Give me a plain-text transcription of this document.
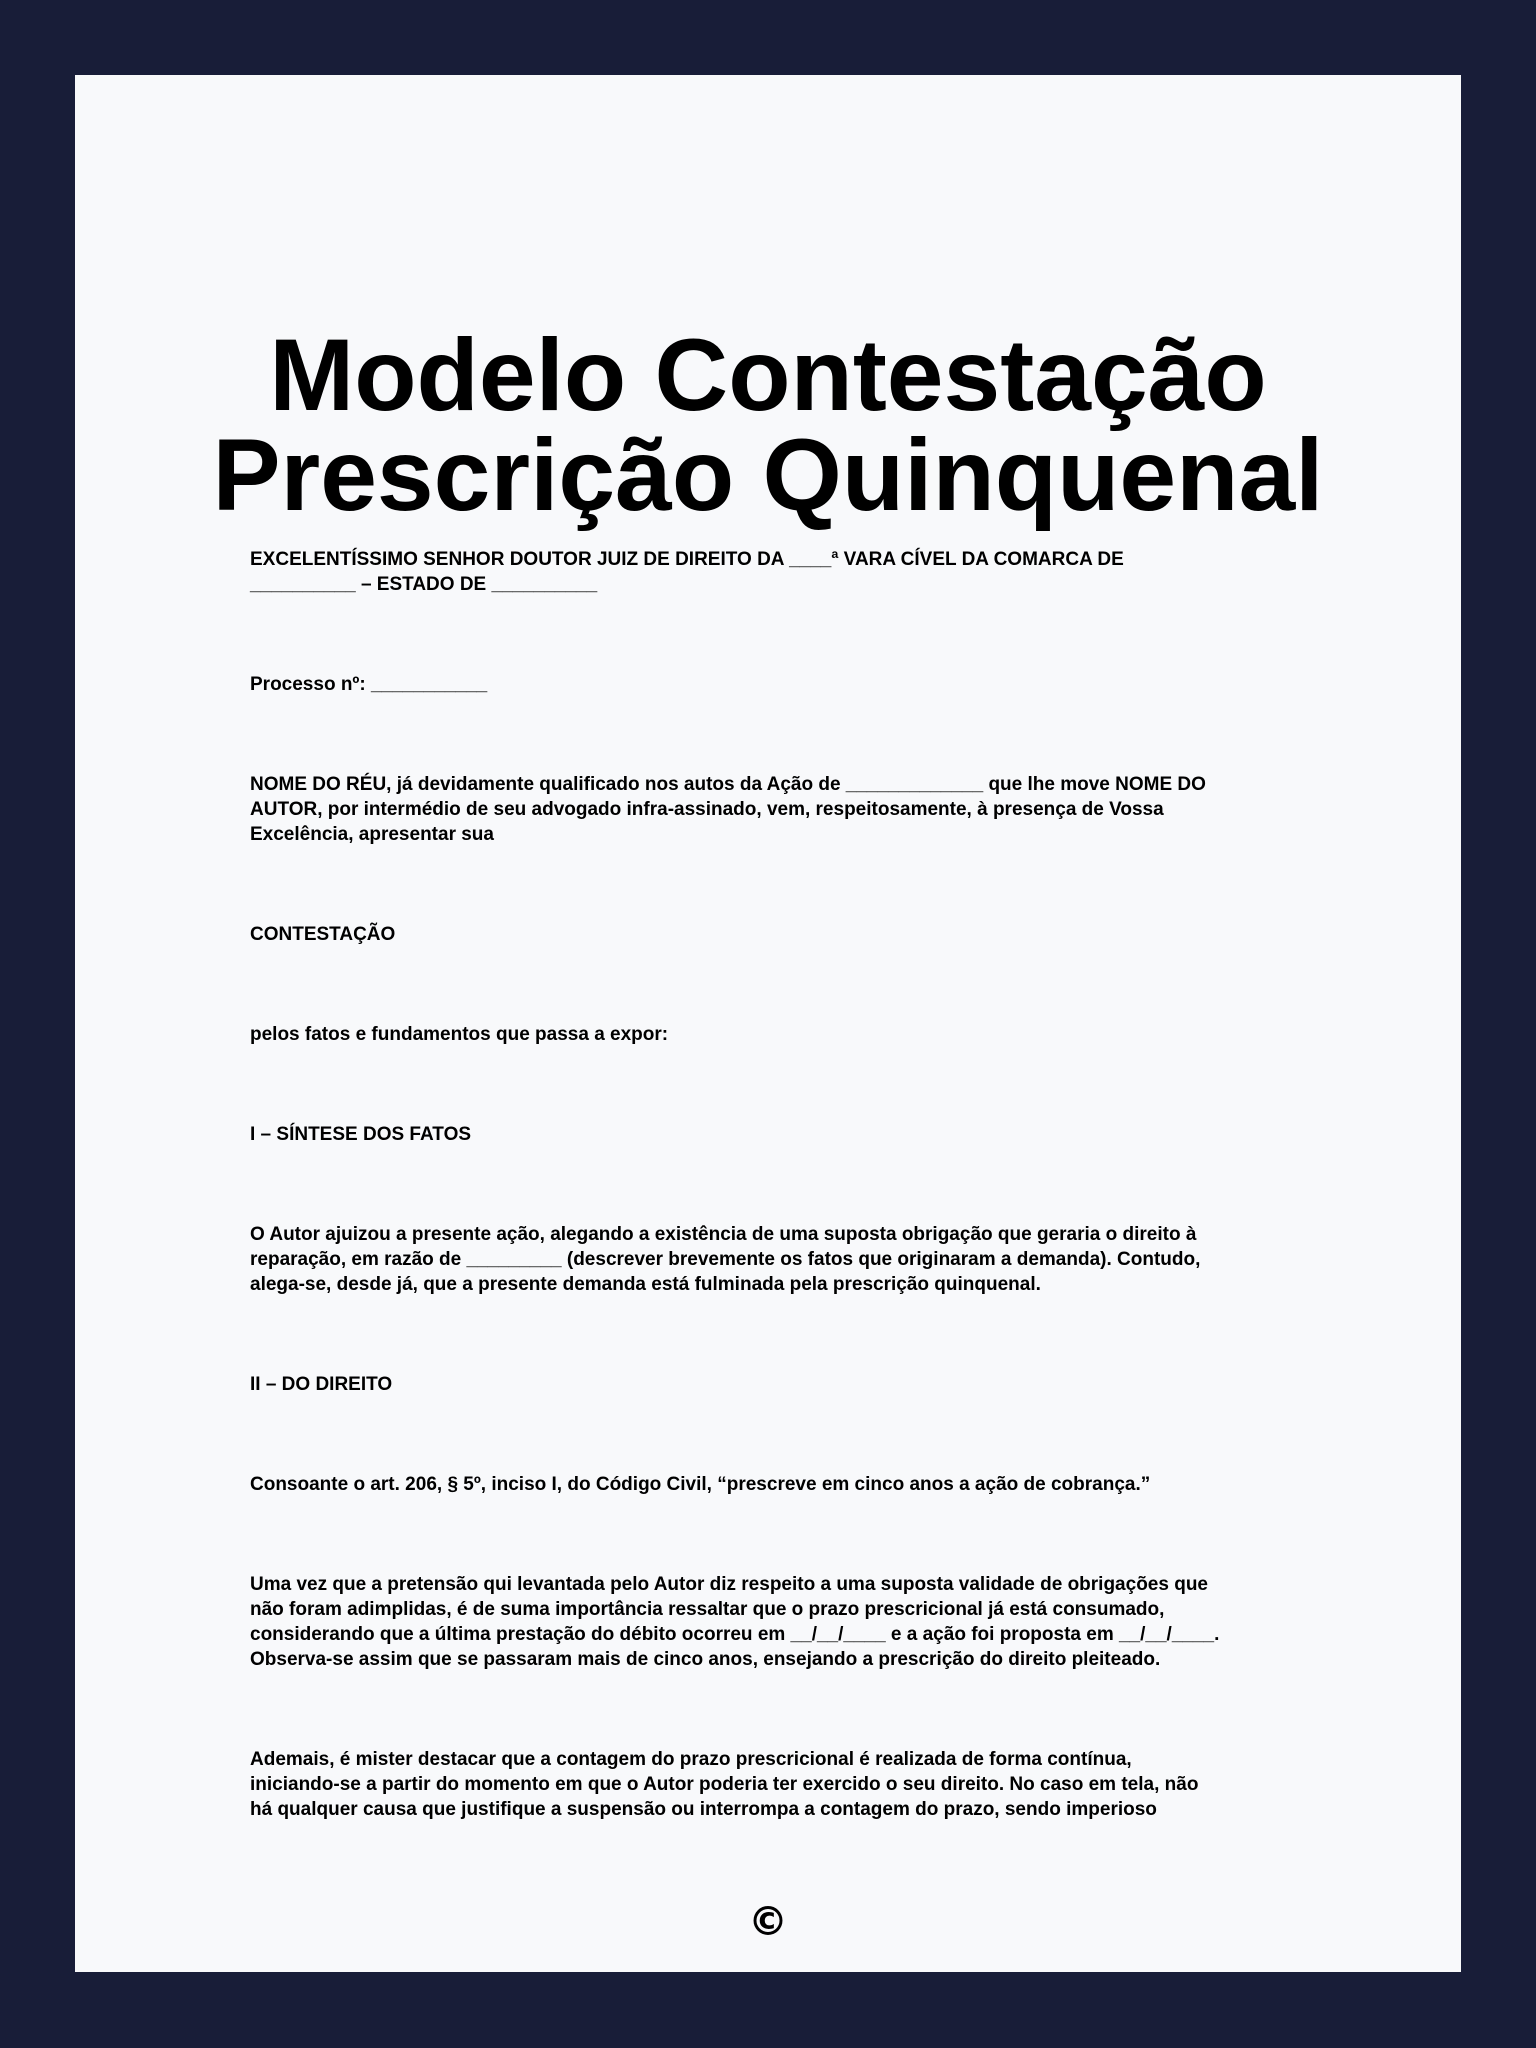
Modelo Contestação
Prescrição Quinquenal

EXCELENTÍSSIMO SENHOR DOUTOR JUIZ DE DIREITO DA ____ª VARA CÍVEL DA COMARCA DE
__________ – ESTADO DE __________

Processo nº: ___________

NOME DO RÉU, já devidamente qualificado nos autos da Ação de _____________ que lhe move NOME DO
AUTOR, por intermédio de seu advogado infra-assinado, vem, respeitosamente, à presença de Vossa
Excelência, apresentar sua

CONTESTAÇÃO

pelos fatos e fundamentos que passa a expor:

I – SÍNTESE DOS FATOS

O Autor ajuizou a presente ação, alegando a existência de uma suposta obrigação que geraria o direito à
reparação, em razão de _________ (descrever brevemente os fatos que originaram a demanda). Contudo,
alega-se, desde já, que a presente demanda está fulminada pela prescrição quinquenal.

II – DO DIREITO

Consoante o art. 206, § 5º, inciso I, do Código Civil, “prescreve em cinco anos a ação de cobrança.”

Uma vez que a pretensão qui levantada pelo Autor diz respeito a uma suposta validade de obrigações que
não foram adimplidas, é de suma importância ressaltar que o prazo prescricional já está consumado,
considerando que a última prestação do débito ocorreu em __/__/____ e a ação foi proposta em __/__/____.
Observa-se assim que se passaram mais de cinco anos, ensejando a prescrição do direito pleiteado.

Ademais, é mister destacar que a contagem do prazo prescricional é realizada de forma contínua,
iniciando-se a partir do momento em que o Autor poderia ter exercido o seu direito. No caso em tela, não
há qualquer causa que justifique a suspensão ou interrompa a contagem do prazo, sendo imperioso

©
